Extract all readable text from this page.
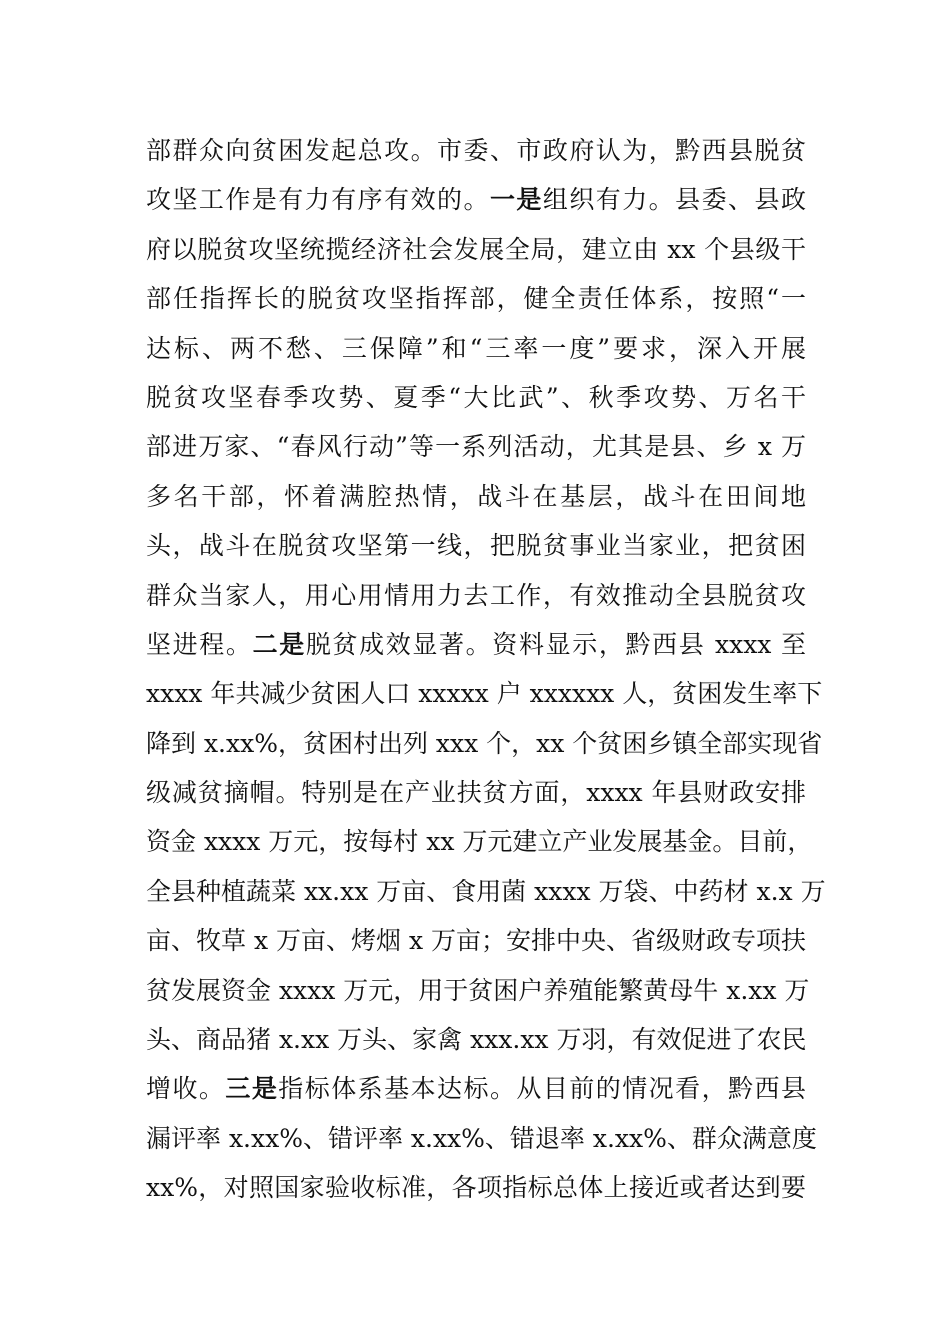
部群众向贫困发起总攻。市委、市政府认为，黔西县脱贫
攻坚工作是有力有序有效的。一是组织有力。县委、县政
府以脱贫攻坚统揽经济社会发展全局，建立由 xx 个县级干
部任指挥长的脱贫攻坚指挥部，健全责任体系，按照“一
达标、两不愁、三保障”和“三率一度”要求，深入开展
脱贫攻坚春季攻势、夏季“大比武”、秋季攻势、万名干
部进万家、“春风行动”等一系列活动，尤其是县、乡 x 万
多名干部，怀着满腔热情，战斗在基层，战斗在田间地
头，战斗在脱贫攻坚第一线，把脱贫事业当家业，把贫困
群众当家人，用心用情用力去工作，有效推动全县脱贫攻
坚进程。二是脱贫成效显著。资料显示，黔西县 xxxx 至
xxxx 年共减少贫困人口 xxxxx 户 xxxxxx 人，贫困发生率下
降到 x.xx%，贫困村出列 xxx 个，xx 个贫困乡镇全部实现省
级减贫摘帽。特别是在产业扶贫方面，xxxx 年县财政安排
资金 xxxx 万元，按每村 xx 万元建立产业发展基金。目前，
全县种植蔬菜 xx.xx 万亩、食用菌 xxxx 万袋、中药材 x.x 万
亩、牧草 x 万亩、烤烟 x 万亩；安排中央、省级财政专项扶
贫发展资金 xxxx 万元，用于贫困户养殖能繁黄母牛 x.xx 万
头、商品猪 x.xx 万头、家禽 xxx.xx 万羽，有效促进了农民
增收。三是指标体系基本达标。从目前的情况看，黔西县
漏评率 x.xx%、错评率 x.xx%、错退率 x.xx%、群众满意度
xx%，对照国家验收标准，各项指标总体上接近或者达到要
